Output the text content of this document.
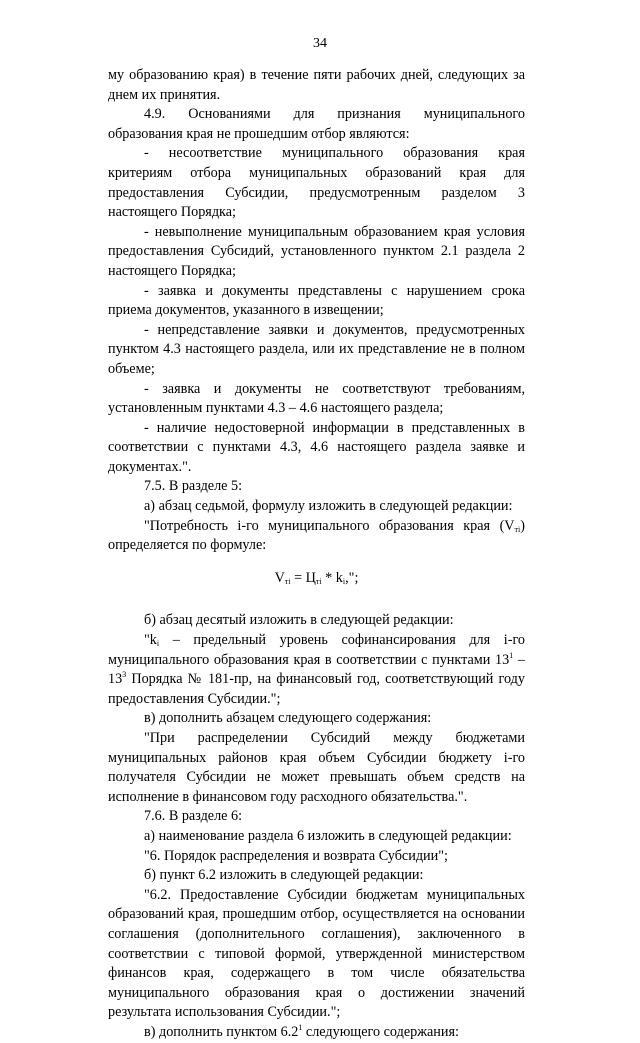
34

му образованию края) в течение пяти рабочих дней, следующих за днем их принятия.

4.9. Основаниями для признания муниципального образования края не прошедшим отбор являются:

- несоответствие муниципального образования края критериям отбора муниципальных образований края для предоставления Субсидии, предусмотренным разделом 3 настоящего Порядка;

- невыполнение муниципальным образованием края условия предоставления Субсидий, установленного пунктом 2.1 раздела 2 настоящего Порядка;

- заявка и документы представлены с нарушением срока приема документов, указанного в извещении;

- непредставление заявки и документов, предусмотренных пунктом 4.3 настоящего раздела, или их представление не в полном объеме;

- заявка и документы не соответствуют требованиям, установленным пунктами 4.3 – 4.6 настоящего раздела;

- наличие недостоверной информации в представленных в соответствии с пунктами 4.3, 4.6 настоящего раздела заявке и документах.".

7.5. В разделе 5:

а) абзац седьмой, формулу изложить в следующей редакции:

"Потребность i-го муниципального образования края $(V_{ті})$ определяется по формуле:

$V_{ті} = Ц_{ті} * k_i$,";

б) абзац десятый изложить в следующей редакции:

"$k_i$ – предельный уровень софинансирования для i-го муниципального образования края в соответствии с пунктами $13^1 - 13^3$ Порядка № 181-пр, на финансовый год, соответствующий году предоставления Субсидии.";

в) дополнить абзацем следующего содержания:

"При распределении Субсидий между бюджетами муниципальных районов края объем Субсидии бюджету i-го получателя Субсидии не может превышать объем средств на исполнение в финансовом году расходного обязательства.".

7.6. В разделе 6:

а) наименование раздела 6 изложить в следующей редакции:

"6. Порядок распределения и возврата Субсидии";

б) пункт 6.2 изложить в следующей редакции:

"6.2. Предоставление Субсидии бюджетам муниципальных образований края, прошедшим отбор, осуществляется на основании соглашения (дополнительного соглашения), заключенного в соответствии с типовой формой, утвержденной министерством финансов края, содержащего в том числе обязательства муниципального образования края о достижении значений результата использования Субсидии.";

в) дополнить пунктом $6.2^1$ следующего содержания:
